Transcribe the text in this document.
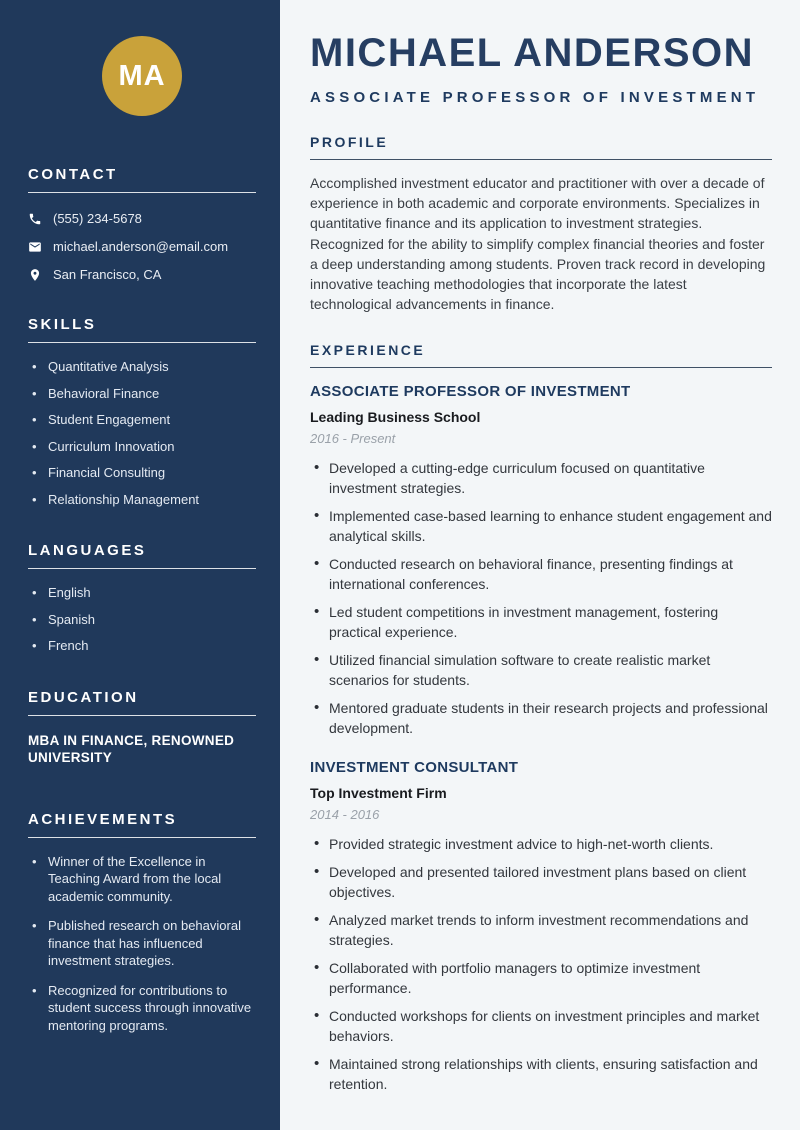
MA
CONTACT
(555) 234-5678
michael.anderson@email.com
San Francisco, CA
SKILLS
• Quantitative Analysis
• Behavioral Finance
• Student Engagement
• Curriculum Innovation
• Financial Consulting
• Relationship Management
LANGUAGES
• English
• Spanish
• French
EDUCATION

MBA IN FINANCE, RENOWNED UNIVERSITY

ACHIEVEMENTS
• Winner of the Excellence in Teaching Award from the local academic community.
• Published research on behavioral finance that has influenced investment strategies.
• Recognized for contributions to student success through innovative mentoring programs.
MICHAEL ANDERSON
ASSOCIATE PROFESSOR OF INVESTMENT
PROFILE

Accomplished investment educator and practitioner with over a decade of experience in both academic and corporate environments. Specializes in quantitative finance and its application to investment strategies. Recognized for the ability to simplify complex financial theories and foster a deep understanding among students. Proven track record in developing innovative teaching methodologies that incorporate the latest technological advancements in finance.

EXPERIENCE
ASSOCIATE PROFESSOR OF INVESTMENT
Leading Business School
2016 - Present
• Developed a cutting-edge curriculum focused on quantitative investment strategies.
• Implemented case-based learning to enhance student engagement and analytical skills.
• Conducted research on behavioral finance, presenting findings at international conferences.
• Led student competitions in investment management, fostering practical experience.
• Utilized financial simulation software to create realistic market scenarios for students.
• Mentored graduate students in their research projects and professional development.
INVESTMENT CONSULTANT
Top Investment Firm
2014 - 2016
• Provided strategic investment advice to high-net-worth clients.
• Developed and presented tailored investment plans based on client objectives.
• Analyzed market trends to inform investment recommendations and strategies.
• Collaborated with portfolio managers to optimize investment performance.
• Conducted workshops for clients on investment principles and market behaviors.
• Maintained strong relationships with clients, ensuring satisfaction and retention.
